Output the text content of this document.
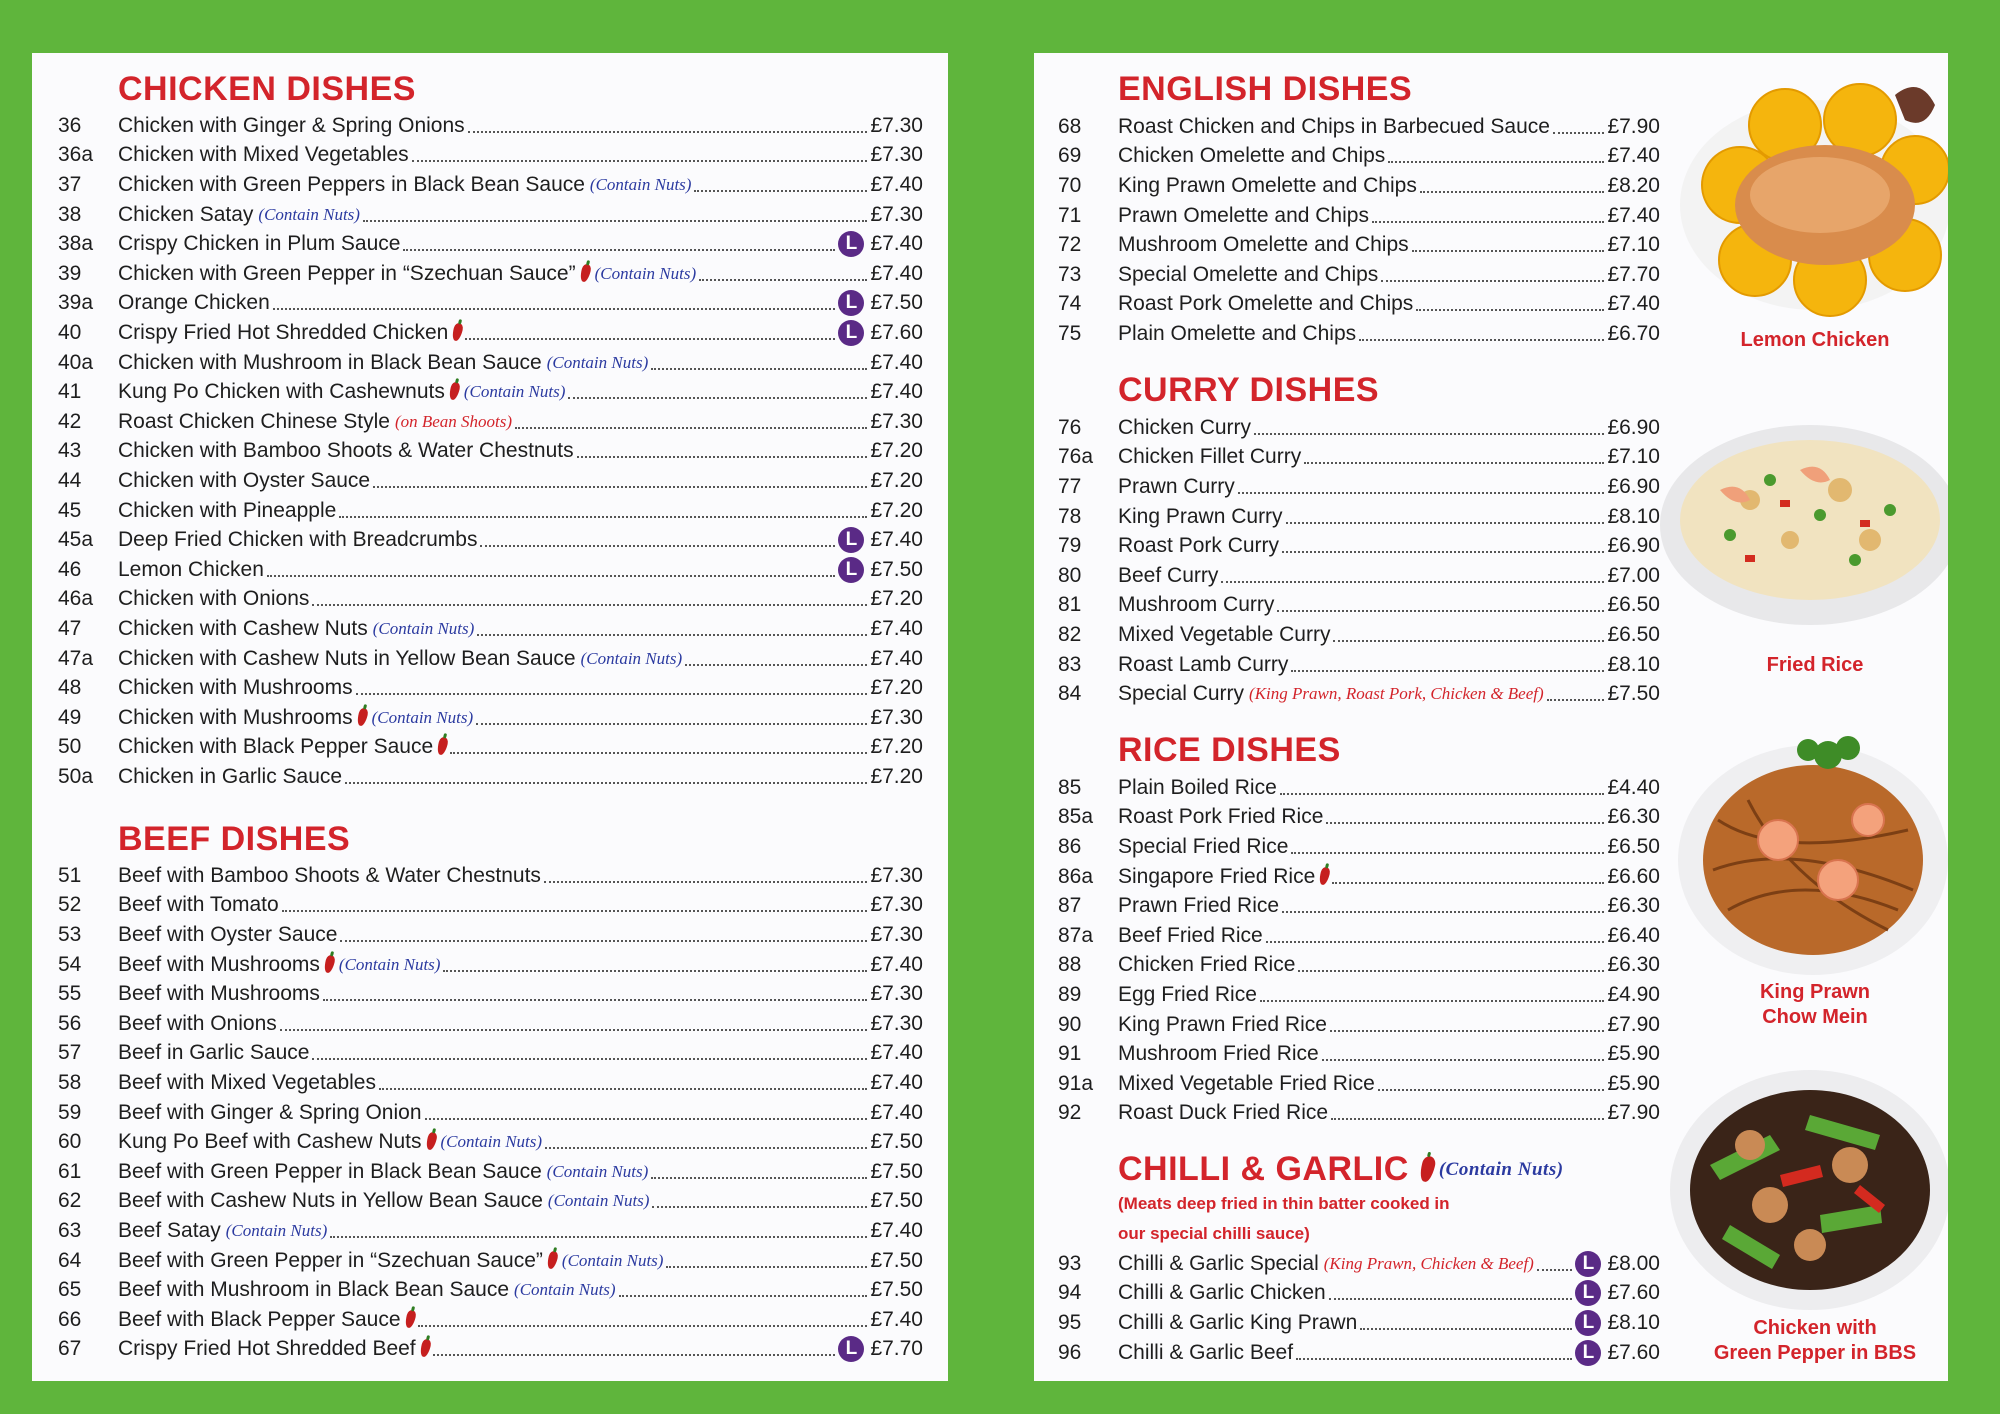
CHICKEN DISHES
36	Chicken with Ginger & Spring Onions	£7.30
36a	Chicken with Mixed Vegetables	£7.30
37	Chicken with Green Peppers in Black Bean Sauce (Contain Nuts)	£7.40
38	Chicken Satay (Contain Nuts)	£7.30
38a	Crispy Chicken in Plum Sauce	L £7.40
39	Chicken with Green Pepper in “Szechuan Sauce” (Contain Nuts)	£7.40
39a	Orange Chicken	L £7.50
40	Crispy Fried Hot Shredded Chicken	L £7.60
40a	Chicken with Mushroom in Black Bean Sauce (Contain Nuts)	£7.40
41	Kung Po Chicken with Cashewnuts (Contain Nuts)	£7.40
42	Roast Chicken Chinese Style (on Bean Shoots)	£7.30
43	Chicken with Bamboo Shoots & Water Chestnuts	£7.20
44	Chicken with Oyster Sauce	£7.20
45	Chicken with Pineapple	£7.20
45a	Deep Fried Chicken with Breadcrumbs	L £7.40
46	Lemon Chicken	L £7.50
46a	Chicken with Onions	£7.20
47	Chicken with Cashew Nuts (Contain Nuts)	£7.40
47a	Chicken with Cashew Nuts in Yellow Bean Sauce (Contain Nuts)	£7.40
48	Chicken with Mushrooms	£7.20
49	Chicken with Mushrooms (Contain Nuts)	£7.30
50	Chicken with Black Pepper Sauce	£7.20
50a	Chicken in Garlic Sauce	£7.20
BEEF DISHES
51	Beef with Bamboo Shoots & Water Chestnuts	£7.30
52	Beef with Tomato	£7.30
53	Beef with Oyster Sauce	£7.30
54	Beef with Mushrooms (Contain Nuts)	£7.40
55	Beef with Mushrooms	£7.30
56	Beef with Onions	£7.30
57	Beef in Garlic Sauce	£7.40
58	Beef with Mixed Vegetables	£7.40
59	Beef with Ginger & Spring Onion	£7.40
60	Kung Po Beef with Cashew Nuts (Contain Nuts)	£7.50
61	Beef with Green Pepper in Black Bean Sauce (Contain Nuts)	£7.50
62	Beef with Cashew Nuts in Yellow Bean Sauce (Contain Nuts)	£7.50
63	Beef Satay (Contain Nuts)	£7.40
64	Beef with Green Pepper in “Szechuan Sauce” (Contain Nuts)	£7.50
65	Beef with Mushroom in Black Bean Sauce (Contain Nuts)	£7.50
66	Beef with Black Pepper Sauce	£7.40
67	Crispy Fried Hot Shredded Beef	L £7.70
ENGLISH DISHES
68	Roast Chicken and Chips in Barbecued Sauce	£7.90
69	Chicken Omelette and Chips	£7.40
70	King Prawn Omelette and Chips	£8.20
71	Prawn Omelette and Chips	£7.40
72	Mushroom Omelette and Chips	£7.10
73	Special Omelette and Chips	£7.70
74	Roast Pork Omelette and Chips	£7.40
75	Plain Omelette and Chips	£6.70
CURRY DISHES
76	Chicken Curry	£6.90
76a	Chicken Fillet Curry	£7.10
77	Prawn Curry	£6.90
78	King Prawn Curry	£8.10
79	Roast Pork Curry	£6.90
80	Beef Curry	£7.00
81	Mushroom Curry	£6.50
82	Mixed Vegetable Curry	£6.50
83	Roast Lamb Curry	£8.10
84	Special Curry (King Prawn, Roast Pork, Chicken & Beef)	£7.50
RICE DISHES
85	Plain Boiled Rice	£4.40
85a	Roast Pork Fried Rice	£6.30
86	Special Fried Rice	£6.50
86a	Singapore Fried Rice	£6.60
87	Prawn Fried Rice	£6.30
87a	Beef Fried Rice	£6.40
88	Chicken Fried Rice	£6.30
89	Egg Fried Rice	£4.90
90	King Prawn Fried Rice	£7.90
91	Mushroom Fried Rice	£5.90
91a	Mixed Vegetable Fried Rice	£5.90
92	Roast Duck Fried Rice	£7.90
CHILLI & GARLIC (Contain Nuts)
(Meats deep fried in thin batter cooked in
our special chilli sauce)
93	Chilli & Garlic Special (King Prawn, Chicken & Beef)	L £8.00
94	Chilli & Garlic Chicken	L £7.60
95	Chilli & Garlic King Prawn	L £8.10
96	Chilli & Garlic Beef	L £7.60
Lemon Chicken
Fried Rice
King Prawn
Chow Mein
Chicken with
Green Pepper in BBS
